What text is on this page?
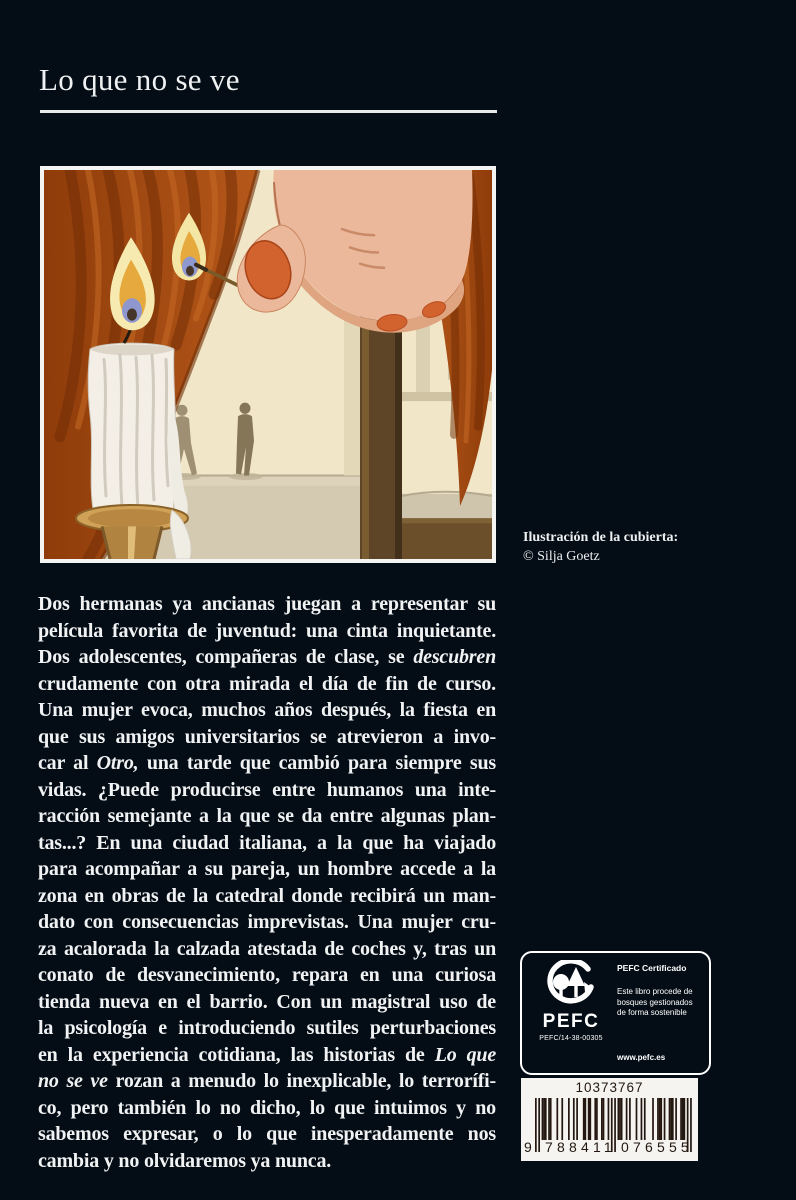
Lo que no se ve
Ilustración de la cubierta:
© Silja Goetz
Dos hermanas ya ancianas juegan a representar su
película favorita de juventud: una cinta inquietante.
Dos adolescentes, compañeras de clase, se descubren
crudamente con otra mirada el día de fin de curso.
Una mujer evoca, muchos años después, la fiesta en
que sus amigos universitarios se atrevieron a invo-
car al Otro, una tarde que cambió para siempre sus
vidas. ¿Puede producirse entre humanos una inte-
racción semejante a la que se da entre algunas plan-
tas...? En una ciudad italiana, a la que ha viajado
para acompañar a su pareja, un hombre accede a la
zona en obras de la catedral donde recibirá un man-
dato con consecuencias imprevistas. Una mujer cru-
za acalorada la calzada atestada de coches y, tras un
conato de desvanecimiento, repara en una curiosa
tienda nueva en el barrio. Con un magistral uso de
la psicología e introduciendo sutiles perturbaciones
en la experiencia cotidiana, las historias de Lo que
no se ve rozan a menudo lo inexplicable, lo terrorífi-
co, pero también lo no dicho, lo que intuimos y no
sabemos expresar, o lo que inesperadamente nos
cambia y no olvidaremos ya nunca.
PEFC
PEFC/14-38-00305
PEFC Certificado
Este libro procede de
bosques gestionados
de forma sostenible
www.pefc.es
10373767
9 788411 076555
